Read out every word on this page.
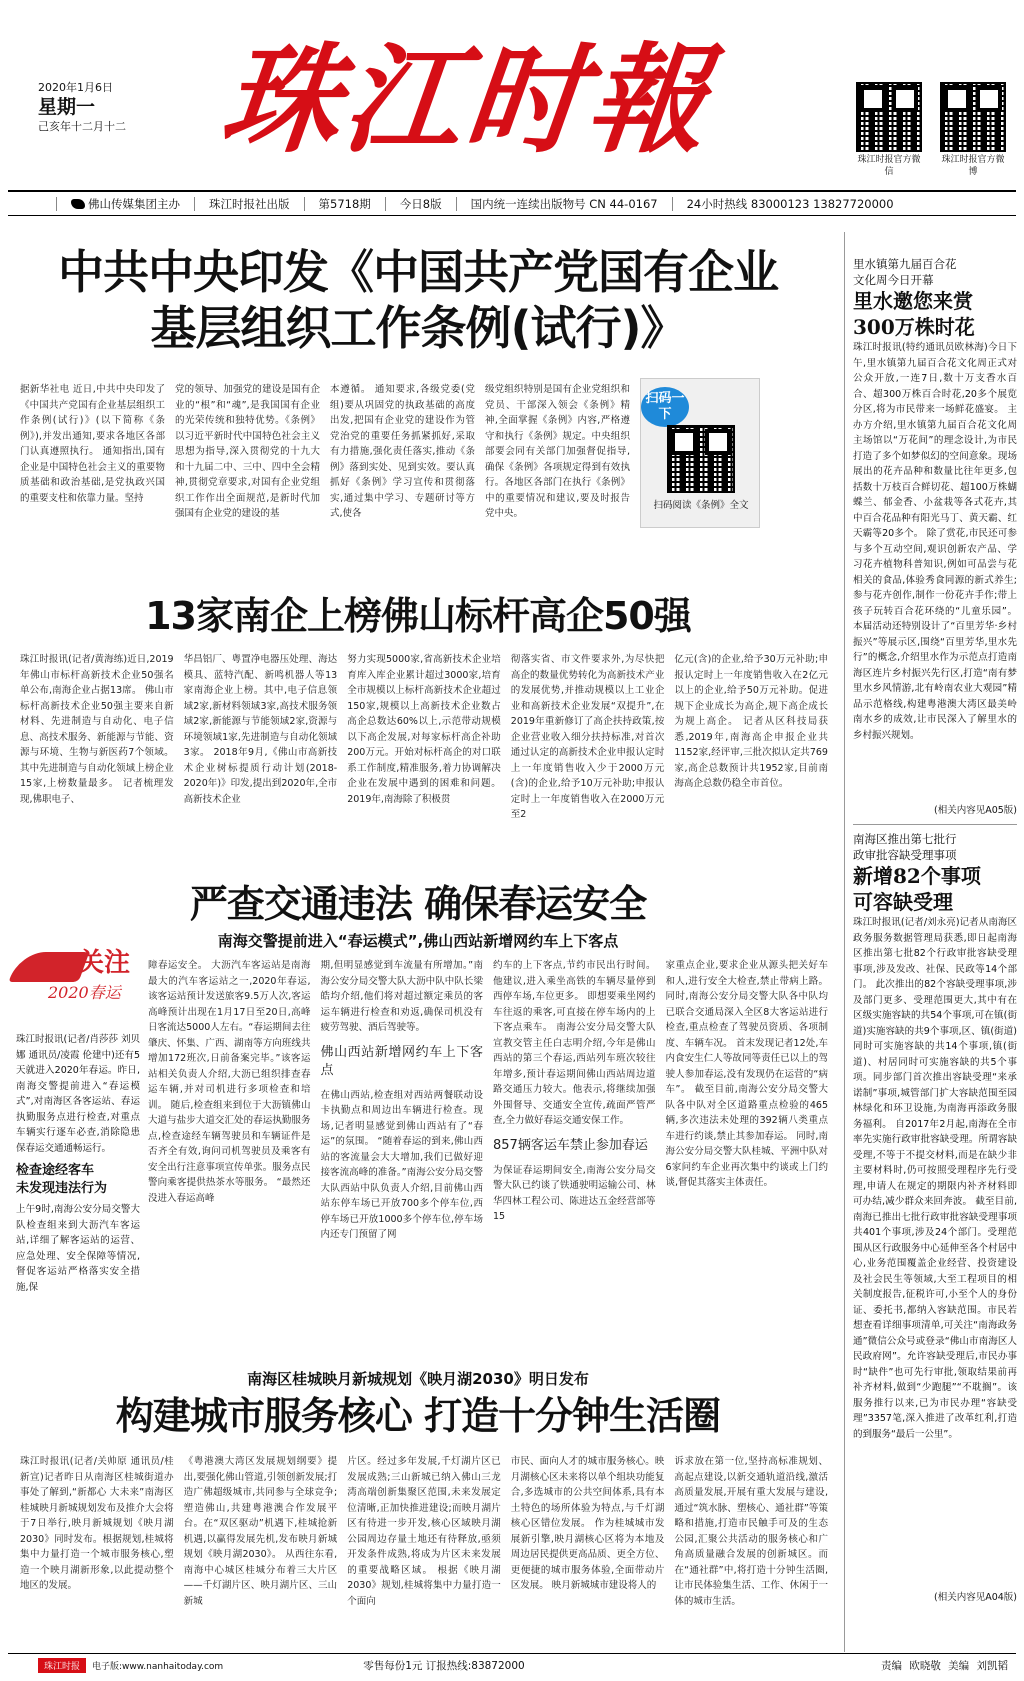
2020年1月6日
星期一
己亥年十二月十二 珠江时報	珠江时报官方微信
珠江时报官方微博
佛山传媒集团主办	珠江时报社出版	第5718期	今日8版	国内统一连续出版物号 CN 44-0167	24小时热线 83000123 13827720000
中共中央印发《中国共产党国有企业
基层组织工作条例(试行)》
据新华社电 近日,中共中央印发了《中国共产党国有企业基层组织工作条例(试行)》(以下简称《条例》),并发出通知,要求各地区各部门认真遵照执行。 通知指出,国有企业是中国特色社会主义的重要物质基础和政治基础,是党执政兴国的重要支柱和依靠力量。坚持
党的领导、加强党的建设是国有企业的“根”和“魂”,是我国国有企业的光荣传统和独特优势。《条例》以习近平新时代中国特色社会主义思想为指导,深入贯彻党的十九大和十九届二中、三中、四中全会精神,贯彻党章要求,对国有企业党组织工作作出全面规范,是新时代加强国有企业党的建设的基
本遵循。 通知要求,各级党委(党组)要从巩固党的执政基础的高度出发,把国有企业党的建设作为管党治党的重要任务抓紧抓好,采取有力措施,强化责任落实,推动《条例》落到实处、见到实效。要认真抓好《条例》学习宣传和贯彻落实,通过集中学习、专题研讨等方式,使各
级党组织特别是国有企业党组织和党员、干部深入领会《条例》精神,全面掌握《条例》内容,严格遵守和执行《条例》规定。中央组织部要会同有关部门加强督促指导,确保《条例》各项规定得到有效执行。各地区各部门在执行《条例》中的重要情况和建议,要及时报告党中央。
扫码一下
扫码阅读《条例》全文
13家南企上榜佛山标杆高企50强
珠江时报讯(记者/黄海练)近日,2019年佛山市标杆高新技术企业50强名单公布,南海企业占据13席。 佛山市标杆高新技术企业50强主要来自新材料、先进制造与自动化、电子信息、高技术服务、新能源与节能、资源与环境、生物与新医药7个领域。其中先进制造与自动化领域上榜企业15家,上榜数量最多。 记者梳理发现,佛职电子、
华昌铝厂、粤置净电器压处理、海达模具、蓝特汽配、新鸣机器人等13家南海企业上榜。其中,电子信息领域2家,新材料领域3家,高技术服务领域2家,新能源与节能领域2家,资源与环境领域1家,先进制造与自动化领域3家。 2018年9月,《佛山市高新技术企业树标提质行动计划(2018-2020年)》印发,提出到2020年,全市高新技术企业
努力实现5000家,省高新技术企业培育库入库企业累计超过3000家,培育全市规模以上标杆高新技术企业超过150家,规模以上高新技术企业数占高企总数达60%以上,示范带动规模以下高企发展,对每家标杆高企补助200万元。开始对标杆高企的对口联系工作制度,精准服务,着力协调解决企业在发展中遇到的困难和问题。 2019年,南海除了积极贯
彻落实省、市文件要求外,为尽快把高企的数量优势转化为高新技术产业的发展优势,并推动规模以上工业企业和高新技术企业发展“双提升”,在2019年重新修订了高企扶持政策,按企业营业收入细分扶持标准,对首次通过认定的高新技术企业申报认定时上一年度销售收入少于2000万元(含)的企业,给予10万元补助;申报认定时上一年度销售收入在2000万元至2
亿元(含)的企业,给予30万元补助;申报认定时上一年度销售收入在2亿元以上的企业,给予50万元补助。促进规下企业成长为高企,规下高企成长为规上高企。 记者从区科技局获悉,2019年,南海高企申报企业共1152家,经评审,三批次拟认定共769家,高企总数预计共1952家,目前南海高企总数仍稳全市首位。
严查交通违法 确保春运安全
南海交警提前进入“春运模式”,佛山西站新增网约车上下客点
关注
2020春运
珠江时报讯(记者/肖莎莎 刘贝娜 通讯员/凌霞 伦建中)还有5天就进入2020年春运。昨日,南海交警提前进入“春运模式”,对南海区各客运站、春运执勤服务点进行检查,对重点车辆实行逐车必查,消除隐患保春运交通通畅运行。
检查途经客车
未发现违法行为
上午9时,南海公安分局交警大队检查组来到大沥汽车客运站,详细了解客运站的运营、应急处理、安全保障等情况,督促客运站严格落实安全措施,保
障春运安全。 大沥汽车客运站是南海最大的汽车客运站之一,2020年春运,该客运站预计发送旅客9.5万人次,客运高峰预计出现在1月17日至20日,高峰日客流达5000人左右。“春运期间去往肇庆、怀集、广西、湖南等方向班线共增加172班次,日前备案完毕。”该客运站相关负责人介绍,大沥已组织排查春运车辆,并对司机进行多项检查和培训。 随后,检查组来到位于大沥镇佛山大道与盐步大道交汇处的春运执勤服务点,检查途经车辆驾驶员和车辆证件是否齐全有效,询问司机驾驶员及乘客有安全出行注意事项宣传单张。服务点民警向乘客提供热茶水等服务。 “最然还没进入春运高峰
期,但明显感觉到车流量有所增加。”南海公安分局交警大队大沥中队中队长梁皓均介绍,他们将对超过额定乘员的客运车辆进行检查和劝返,确保司机没有疲劳驾驶、酒后驾驶等。
佛山西站新增网约车上下客点
在佛山西站,检查组对西站两餐联动设卡执勤点和周边出车辆进行检查。现场,记者明显感觉到佛山西站有了“春运”的氛围。 “随着春运的到来,佛山西站的客流量会大大增加,我们已做好迎接客流高峰的准备。”南海公安分局交警大队西站中队负责人介绍,目前佛山西站东停车场已开放700多个停车位,西停车场已开放1000多个停车位,停车场内还专门预留了网
约车的上下客点,节约市民出行时间。他建议,进入乘坐高铁的车辆尽量停到西停车场,车位更多。 即想要乘坐网约车往返的乘客,可直接在停车场内的上下客点乘车。 南海公安分局交警大队宣教交管主任白志明介绍,今年是佛山西站的第三个春运,西站列车班次较往年增多,预计春运期间佛山西站周边道路交通压力较大。他表示,将继续加强外围督导、交通安全宣传,疏面严管严查,全力做好春运交通安保工作。
857辆客运车禁止参加春运
为保证春运期间安全,南海公安分局交警大队已约谈了铁通驶明运输公司、林华四林工程公司、陈进达五金经营部等15
家重点企业,要求企业从源头把关好车和人,进行安全大检查,禁止带病上路。 同时,南海公安分局交警大队各中队均已联合交通局深入全区8大客运站进行检查,重点检查了驾驶员资质、各项制度、车辆车况。 首末发现记者12处,车内食安生仁人等故同等责任已以上的驾驶人参加春运,没有发现仍在运营的“病车”。 截至目前,南海公安分局交警大队各中队对全区道路重点检验的465辆,多次违法未处理的392辆八类重点车进行约谈,禁止其参加春运。 同时,南海公安分局交警大队桂城、平洲中队对6家问约车企业再次集中约谈或上门约谈,督促其落实主体责任。
南海区桂城映月新城规划《映月湖2030》明日发布
构建城市服务核心 打造十分钟生活圈
珠江时报讯(记者/关帅原 通讯员/桂新宣)记者昨日从南海区桂城街道办事处了解到,“新都心 大未来”南海区桂城映月新城规划发布及推介大会将于7日举行,映月新城规划《映月湖2030》同时发布。根据规划,桂城将集中力量打造一个城市服务核心,塑造一个映月湖新形象,以此提动整个地区的发展。
《粤港澳大湾区发展规划纲要》提出,要强化佛山管道,引领创新发展;打造广佛超级城市,共同参与全球竞争;塑造佛山,共建粤港澳合作发展平台。在“双区驱动”机遇下,桂城抢新机遇,以赢得发展先机,发布映月新城规划《映月湖2030》。 从西往东看,南海中心城区桂城分布着三大片区——千灯湖片区、映月湖片区、三山新城
片区。经过多年发展,千灯湖片区已发展成熟;三山新城已纳入佛山三龙湾高端创新集聚区范围,未来发展定位清晰,正加快推进建设;而映月湖片区有待进一步开发,核心区域映月湖公园周边存量土地还有待释放,亟须开发条件成熟,将成为片区未来发展的重要战略区域。 根据《映月湖2030》规划,桂城将集中力量打造一个面向
市民、面向人才的城市服务核心。映月湖核心区未来将以单个组块功能复合,多选城市的公共空间体系,具有本土特色的场所体验为特点,与千灯湖核心区错位发展。 作为桂城城市发展新引擎,映月湖核心区将为本地及周边居民提供更高品质、更全方位、更便捷的城市服务体验,全面带动片区发展。 映月新城城市建设将人的
诉求放在第一位,坚持高标准规划、高起点建设,以新交通轨道沿线,激活高质量发展,开展有重大发展与建设,通过“筑水脉、塑核心、通社群”等策略和措施,打造市民触手可及的生态公园,汇聚公共活动的服务核心和广角高质量融合发展的创新城区。而在“通社群”中,将打造十分钟生活圈,让市民体验集生活、工作、休闲于一体的城市生活。
里水镇第九届百合花
文化周今日开幕
里水邀您来赏
300万株时花
珠江时报讯(特约通讯员欧林海)今日下午,里水镇第九届百合花文化周正式对公众开放,一连7日,数十万支香水百合、超300万株百合时花,20多个展览分区,将为市民带来一场鲜花盛宴。 主办方介绍,里水镇第九届百合花文化周主场馆以“万花间”的理念设计,为市民打造了多个如梦似幻的空间意象。现场展出的花卉品种和数量比往年更多,包括数十万枝百合鲜切花、超100万株蝴蝶兰、郁金香、小盆栽等各式花卉,其中百合花品种有阳光马丁、黄天霸、红天霸等20多个。 除了赏花,市民还可参与多个互动空间,观识创新农产品、学习花卉植物科普知识,例如可品尝与花相关的食品,体验秀食同源的新式养生;参与花卉创作,制作一份花卉手作;带上孩子玩转百合花环绕的“儿童乐园”。 本届活动还特别设计了“百里芳华·乡村振兴”等展示区,围绕“百里芳华,里水先行”的概念,介绍里水作为示范点打造南海区连片乡村振兴先行区,打造“南有梦里水乡风情游,北有岭南农业大观园”精品示范格线,构建粤港澳大湾区最美岭南水乡的成效,让市民深入了解里水的乡村振兴规划。
(相关内容见A05版)
南海区推出第七批行
政审批容缺受理事项
新增82个事项
可容缺受理
珠江时报讯(记者/刘永亮)记者从南海区政务服务数据管理局获悉,即日起南海区推出第七批82个行政审批容缺受理事项,涉及发改、社保、民政等14个部门。 此次推出的82个容缺受理事项,涉及部门更多、受理范围更大,其中有在区级实施容缺的共54个事项,可在镇(街道)实施容缺的共9个事项,区、镇(街道)同时可实施容缺的共14个事项,镇(街道)、村居同时可实施容缺的共5个事项。同步部门首次推出容缺受理“来承诺制”事项,城管部门扩大容缺范围至园林绿化和环卫设施,为南海再添政务服务福利。 自2017年2月起,南海在全市率先实施行政审批容缺受理。所谓容缺受理,不等于不提交材料,而是在缺少非主要材料时,仍可按照受理程序先行受理,申请人在规定的期限内补齐材料即可办结,减少群众来回奔波。 截至目前,南海已推出七批行政审批容缺受理事项共401个事项,涉及24个部门。受理范围从区行政服务中心延伸至各个村居中心,业务范围覆盖企业经营、投资建设及社会民生等领域,大至工程项目的相关制度报告,征税许可,小至个人的身份证、委托书,都纳入容缺范围。市民若想查看详细事项清单,可关注“南海政务通”微信公众号或登录“佛山市南海区人民政府网”。允许容缺受理后,市民办事时“缺件”也可先行审批,领取结果前再补齐材料,做到“少跑腿”“不耽搁”。该服务推行以来,已为市民办理“容缺受理”3357笔,深入推进了改革红利,打造的到服务“最后一公里”。
(相关内容见A04版)
珠江时报	电子版:www.nanhaitoday.com	零售每份1元 订报热线:83872000	责编 欧晓敬 美编 刘凯韬
